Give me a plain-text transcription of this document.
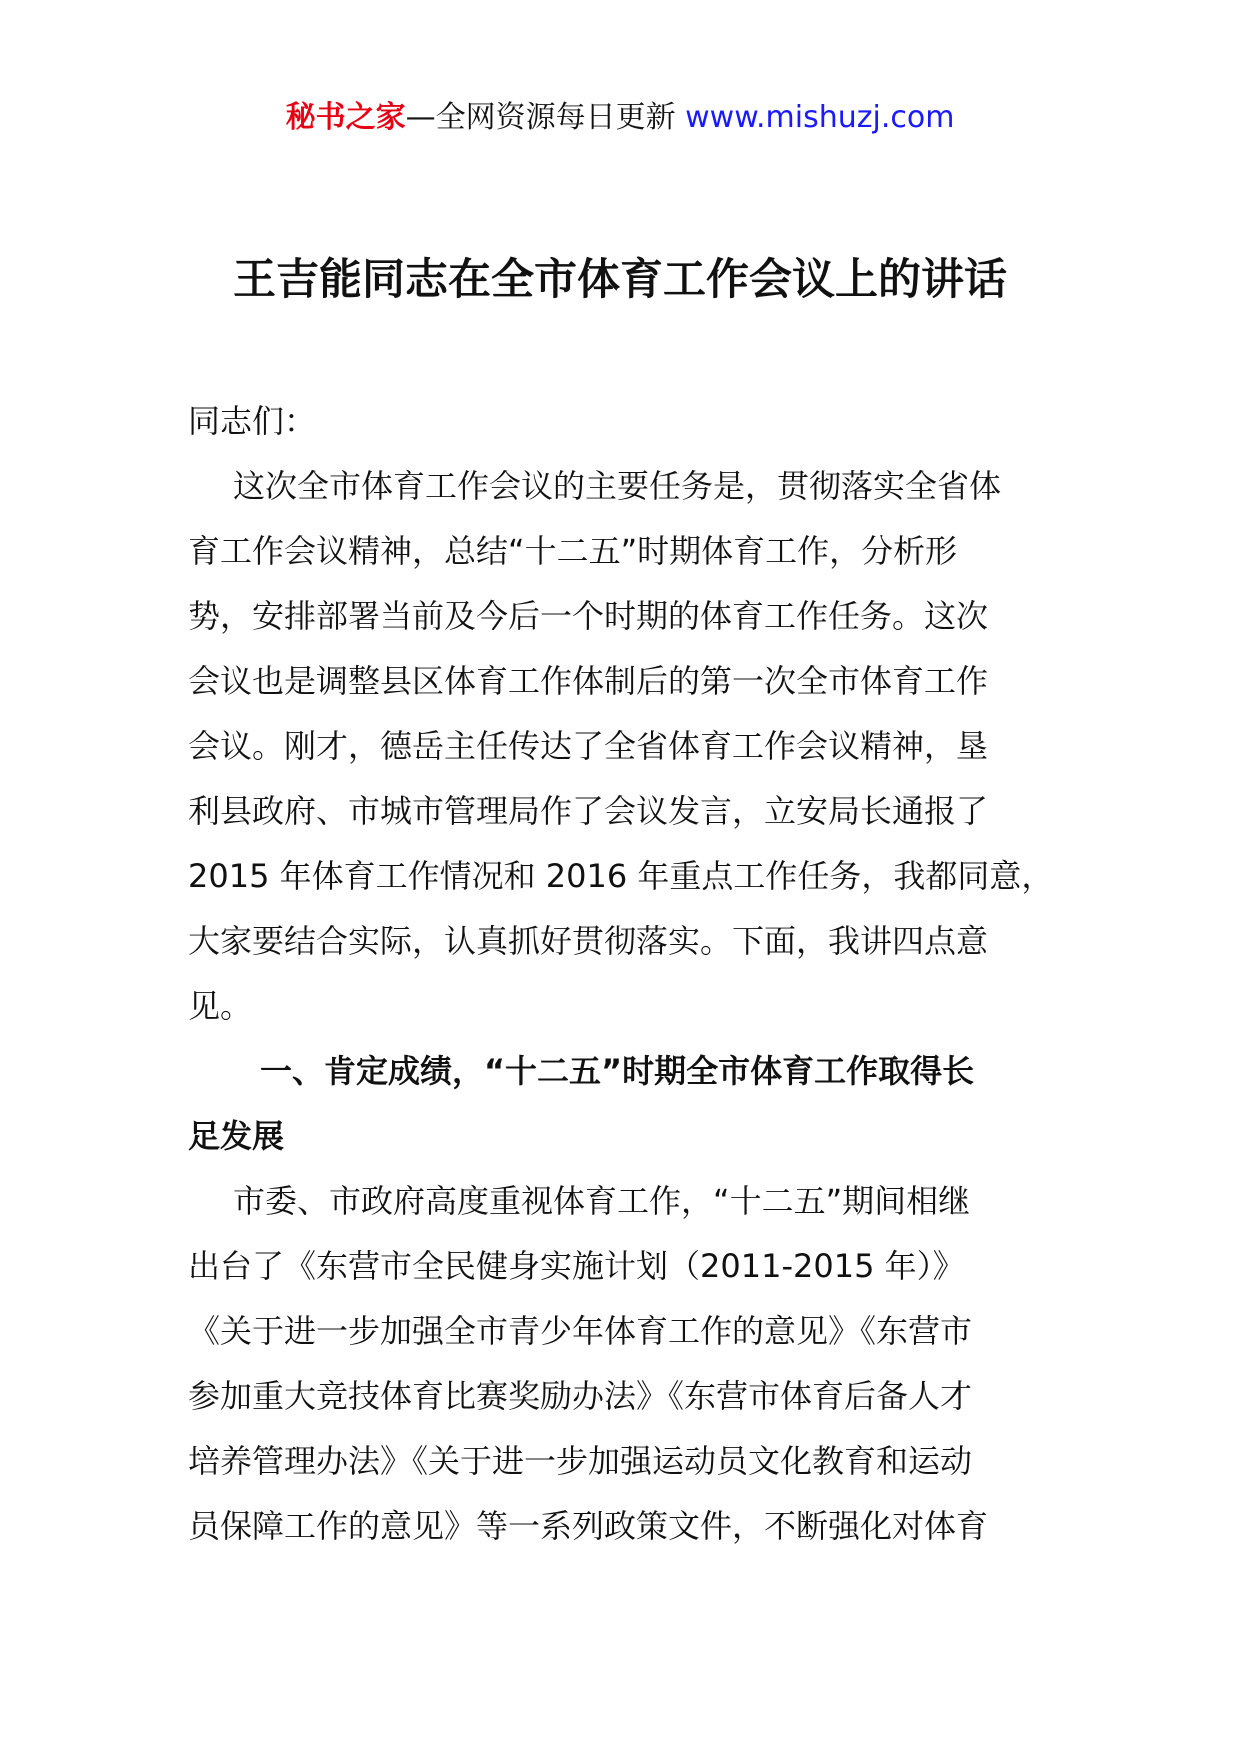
秘书之家—全网资源每日更新 www.mishuzj.com
王吉能同志在全市体育工作会议上的讲话
同志们：
这次全市体育工作会议的主要任务是，贯彻落实全省体
育工作会议精神，总结“十二五”时期体育工作，分析形
势，安排部署当前及今后一个时期的体育工作任务。这次
会议也是调整县区体育工作体制后的第一次全市体育工作
会议。刚才，德岳主任传达了全省体育工作会议精神，垦
利县政府、市城市管理局作了会议发言，立安局长通报了
2015 年体育工作情况和 2016 年重点工作任务，我都同意，
大家要结合实际，认真抓好贯彻落实。下面，我讲四点意
见。
一、肯定成绩，“十二五”时期全市体育工作取得长
足发展
市委、市政府高度重视体育工作，“十二五”期间相继
出台了《东营市全民健身实施计划（2011-2015 年）》
《关于进一步加强全市青少年体育工作的意见》《东营市
参加重大竞技体育比赛奖励办法》《东营市体育后备人才
培养管理办法》《关于进一步加强运动员文化教育和运动
员保障工作的意见》等一系列政策文件，不断强化对体育
